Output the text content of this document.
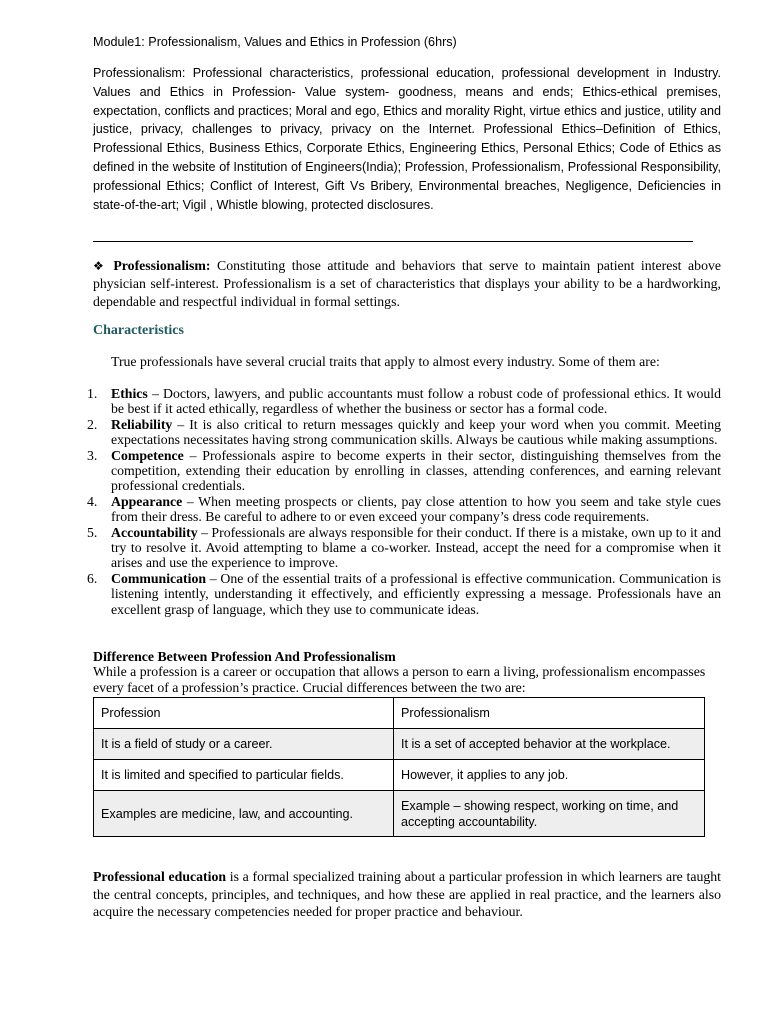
Module1: Professionalism, Values and Ethics in Profession (6hrs)
Professionalism: Professional characteristics, professional education, professional development in Industry. Values and Ethics in Profession- Value system- goodness, means and ends; Ethics-ethical premises, expectation, conflicts and practices; Moral and ego, Ethics and morality Right, virtue ethics and justice, utility and justice, privacy, challenges to privacy, privacy on the Internet. Professional Ethics–Definition of Ethics, Professional Ethics, Business Ethics, Corporate Ethics, Engineering Ethics, Personal Ethics; Code of Ethics as defined in the website of Institution of Engineers(India); Profession, Professionalism, Professional Responsibility, professional Ethics; Conflict of Interest, Gift Vs Bribery, Environmental breaches, Negligence, Deficiencies in state-of-the-art; Vigil , Whistle blowing, protected disclosures.
❖ Professionalism: Constituting those attitude and behaviors that serve to maintain patient interest above physician self-interest. Professionalism is a set of characteristics that displays your ability to be a hardworking, dependable and respectful individual in formal settings.
Characteristics
True professionals have several crucial traits that apply to almost every industry. Some of them are:
1. Ethics – Doctors, lawyers, and public accountants must follow a robust code of professional ethics. It would be best if it acted ethically, regardless of whether the business or sector has a formal code.
2. Reliability – It is also critical to return messages quickly and keep your word when you commit. Meeting expectations necessitates having strong communication skills. Always be cautious while making assumptions.
3. Competence – Professionals aspire to become experts in their sector, distinguishing themselves from the competition, extending their education by enrolling in classes, attending conferences, and earning relevant professional credentials.
4. Appearance – When meeting prospects or clients, pay close attention to how you seem and take style cues from their dress. Be careful to adhere to or even exceed your company’s dress code requirements.
5. Accountability – Professionals are always responsible for their conduct. If there is a mistake, own up to it and try to resolve it. Avoid attempting to blame a co-worker. Instead, accept the need for a compromise when it arises and use the experience to improve.
6. Communication – One of the essential traits of a professional is effective communication. Communication is listening intently, understanding it effectively, and efficiently expressing a message. Professionals have an excellent grasp of language, which they use to communicate ideas.
Difference Between Profession And Professionalism
While a profession is a career or occupation that allows a person to earn a living, professionalism encompasses every facet of a profession’s practice. Crucial differences between the two are:
Profession	Professionalism
It is a field of study or a career.	It is a set of accepted behavior at the workplace.
It is limited and specified to particular fields.	However, it applies to any job.
Examples are medicine, law, and accounting.	Example – showing respect, working on time, and accepting accountability.
Professional education is a formal specialized training about a particular profession in which learners are taught the central concepts, principles, and techniques, and how these are applied in real practice, and the learners also acquire the necessary competencies needed for proper practice and behaviour.
